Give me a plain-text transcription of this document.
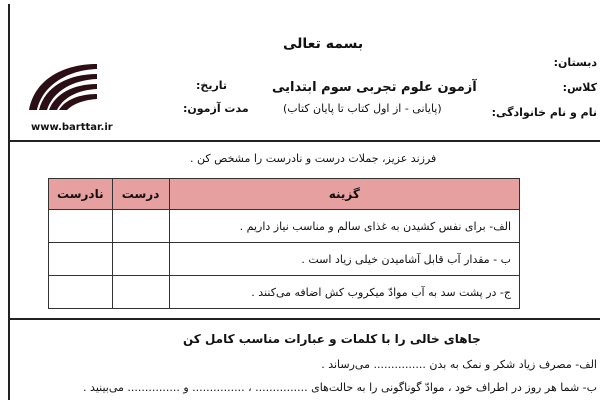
بسمه تعالی
آزمون علوم تجربی سوم ابتدایی
(پایانی - از اول کتاب تا پایان کتاب)
تاریخ:
مدت آزمون:
دبستان:
کلاس:
نام و نام خانوادگی:
www.barttar.ir
فرزند عزیز، جملات درست و نادرست را مشخص کن .
گزینه	درست	نادرست
الف- برای نفس کشیدن به غذای سالم و مناسب نیاز داریم .		
ب - مقدار آب قابل آشامیدن خیلی زیاد است .		
ج- در پشت سد به آب موادّ میکروب کش اضافه می‌کنند .		
جاهای خالی را با کلمات و عبارات مناسب کامل کن
الف- مصرف زیاد شکر و نمک به بدن ............... می‌رساند .
ب- شما هر روز در اطراف خود ، موادّ گوناگونی را به حالت‌های ............... ، ............... و ............... می‌بینید .
